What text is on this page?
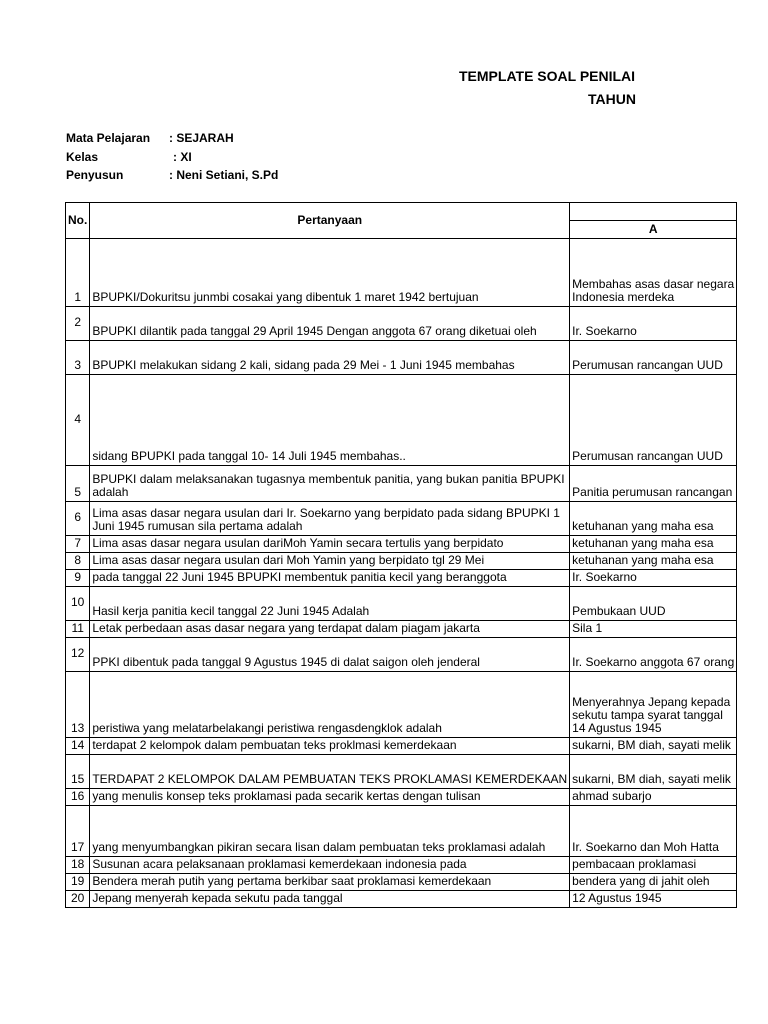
TEMPLATE SOAL PENILAI
TAHUN
Mata Pelajaran : SEJARAH
Kelas	: XI
Penyusun	: Neni Setiani, S.Pd
No.	Pertanyaan	
		A
1	BPUPKI/Dokuritsu junmbi cosakai yang dibentuk 1 maret 1942 bertujuan	Membahas asas dasar negara Indonesia merdeka
2	BPUPKI dilantik pada tanggal 29 April 1945 Dengan anggota 67 orang diketuai oleh	Ir. Soekarno
3	BPUPKI melakukan sidang 2 kali, sidang pada 29 Mei - 1 Juni 1945 membahas	Perumusan rancangan UUD
4	sidang BPUPKI pada tanggal 10- 14 Juli 1945 membahas..	Perumusan rancangan UUD
5	BPUPKI dalam melaksanakan tugasnya membentuk panitia, yang bukan panitia BPUPKI adalah	Panitia perumusan rancangan
6	Lima asas dasar negara usulan dari Ir. Soekarno yang berpidato pada sidang BPUPKI 1 Juni 1945 rumusan sila pertama adalah	ketuhanan yang maha esa
7	Lima asas dasar negara usulan dariMoh Yamin secara tertulis yang berpidato	ketuhanan yang maha esa
8	Lima asas dasar negara usulan dari Moh Yamin yang berpidato tgl 29 Mei	ketuhanan yang maha esa
9	pada tanggal 22 Juni 1945 BPUPKI membentuk panitia kecil yang beranggota	Ir. Soekarno
10	Hasil kerja panitia kecil tanggal 22 Juni 1945 Adalah	Pembukaan UUD
11	Letak perbedaan asas dasar negara yang terdapat dalam piagam jakarta	Sila 1
12	PPKI dibentuk pada tanggal 9 Agustus 1945 di dalat saigon oleh jenderal	Ir. Soekarno anggota 67 orang
13	peristiwa yang melatarbelakangi peristiwa rengasdengklok adalah	Menyerahnya Jepang kepada sekutu tampa syarat tanggal 14 Agustus 1945
14	terdapat 2 kelompok dalam pembuatan teks proklmasi kemerdekaan	sukarni, BM diah, sayati melik
15	TERDAPAT 2 KELOMPOK DALAM PEMBUATAN TEKS PROKLAMASI KEMERDEKAAN	sukarni, BM diah, sayati melik
16	yang menulis konsep teks proklamasi pada secarik kertas dengan tulisan	ahmad subarjo
17	yang menyumbangkan pikiran secara lisan dalam pembuatan teks proklamasi adalah	Ir. Soekarno dan Moh Hatta
18	Susunan acara pelaksanaan proklamasi kemerdekaan indonesia pada	pembacaan proklamasi
19	Bendera merah putih yang pertama berkibar saat proklamasi kemerdekaan	bendera yang di jahit oleh
20	Jepang menyerah kepada sekutu pada tanggal	12 Agustus 1945
